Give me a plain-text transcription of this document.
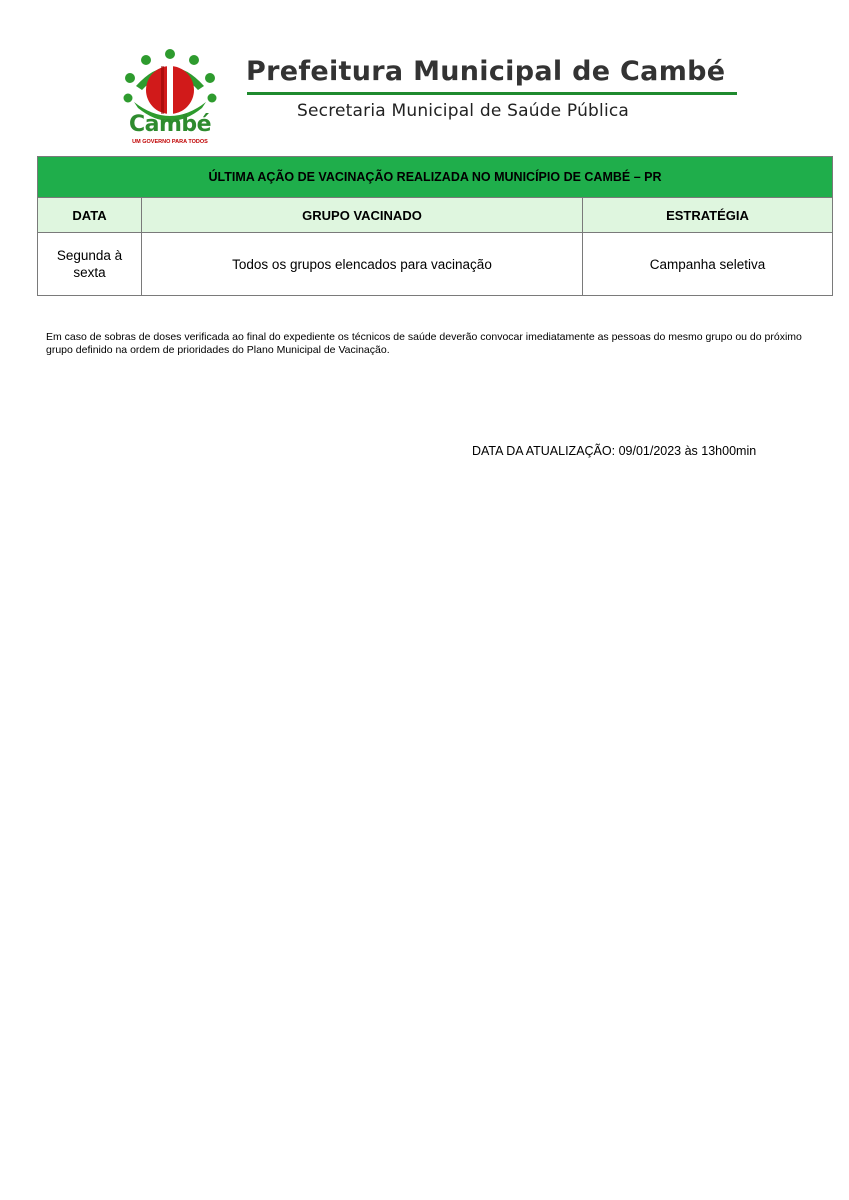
Cambé
UM GOVERNO PARA TODOS
Prefeitura Municipal de Cambé
Secretaria Municipal de Saúde Pública
ÚLTIMA AÇÃO DE VACINAÇÃO REALIZADA NO MUNICÍPIO DE CAMBÉ – PR		
DATA	GRUPO VACINADO	ESTRATÉGIA
Segunda à sexta	Todos os grupos elencados para vacinação	Campanha seletiva
Em caso de sobras de doses verificada ao final do expediente os técnicos de saúde deverão convocar imediatamente as pessoas do mesmo grupo ou do próximo grupo definido na ordem de prioridades do Plano Municipal de Vacinação.
DATA DA ATUALIZAÇÃO: 09/01/2023 às 13h00min
